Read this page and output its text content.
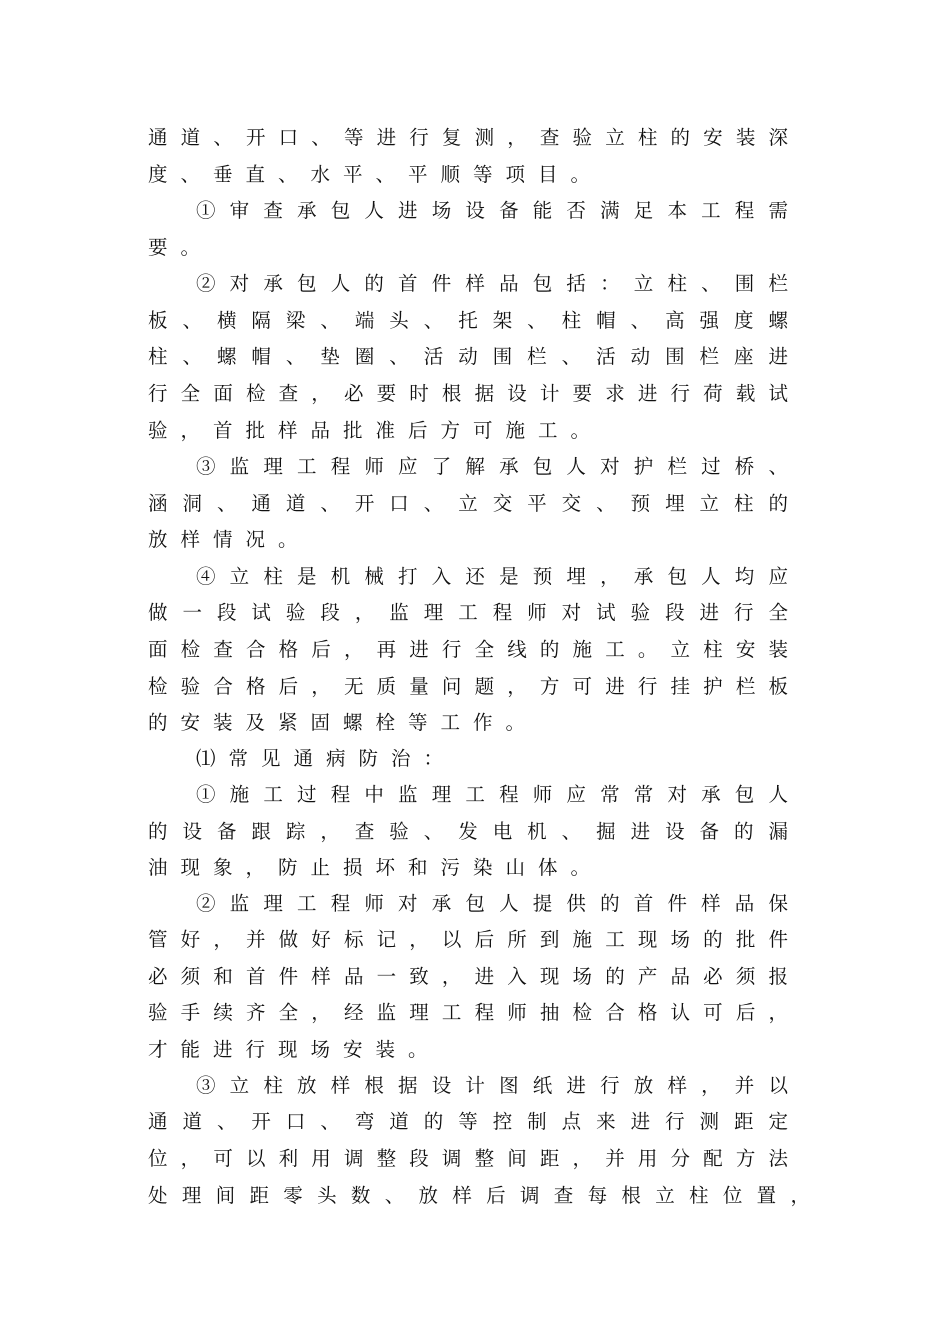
通道、开口、等进行复测，查验立柱的安装深
度、垂直、水平、平顺等项目。
①审查承包人进场设备能否满足本工程需
要。
②对承包人的首件样品包括：立柱、围栏
板、横隔梁、端头、托架、柱帽、高强度螺
柱、螺帽、垫圈、活动围栏、活动围栏座进
行全面检查，必要时根据设计要求进行荷载试
验，首批样品批准后方可施工。
③监理工程师应了解承包人对护栏过桥、
涵洞、通道、开口、立交平交、预埋立柱的
放样情况。
④立柱是机械打入还是预埋，承包人均应
做一段试验段，监理工程师对试验段进行全
面检查合格后，再进行全线的施工。立柱安装
检验合格后，无质量问题，方可进行挂护栏板
的安装及紧固螺栓等工作。
⑴常见通病防治：
①施工过程中监理工程师应常常对承包人
的设备跟踪，查验、发电机、掘进设备的漏
油现象，防止损坏和污染山体。
②监理工程师对承包人提供的首件样品保
管好，并做好标记，以后所到施工现场的批件
必须和首件样品一致，进入现场的产品必须报
验手续齐全，经监理工程师抽检合格认可后，
才能进行现场安装。
③立柱放样根据设计图纸进行放样，并以
通道、开口、弯道的等控制点来进行测距定
位，可以利用调整段调整间距，并用分配方法
处理间距零头数、放样后调查每根立柱位置，
